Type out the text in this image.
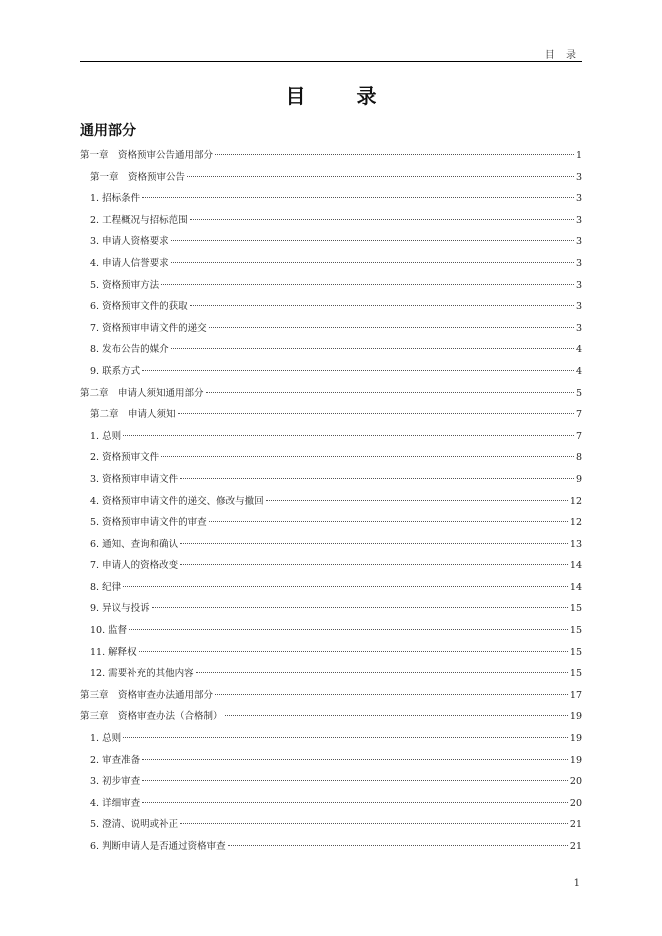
目 录
目 录
通用部分
第一章　资格预审公告通用部分	1
第一章　资格预审公告	3
1. 招标条件	3
2. 工程概况与招标范围	3
3. 申请人资格要求	3
4. 申请人信誉要求	3
5. 资格预审方法	3
6. 资格预审文件的获取	3
7. 资格预审申请文件的递交	3
8. 发布公告的媒介	4
9. 联系方式	4
第二章　申请人须知通用部分	5
第二章　申请人须知	7
1. 总则	7
2. 资格预审文件	8
3. 资格预审申请文件	9
4. 资格预审申请文件的递交、修改与撤回	12
5. 资格预审申请文件的审查	12
6. 通知、查询和确认	13
7. 申请人的资格改变	14
8. 纪律	14
9. 异议与投诉	15
10. 监督	15
11. 解释权	15
12. 需要补充的其他内容	15
第三章　资格审查办法通用部分	17
第三章　资格审查办法（合格制）	19
1. 总则	19
2. 审查准备	19
3. 初步审查	20
4. 详细审查	20
5. 澄清、说明或补正	21
6. 判断申请人是否通过资格审查	21
1
